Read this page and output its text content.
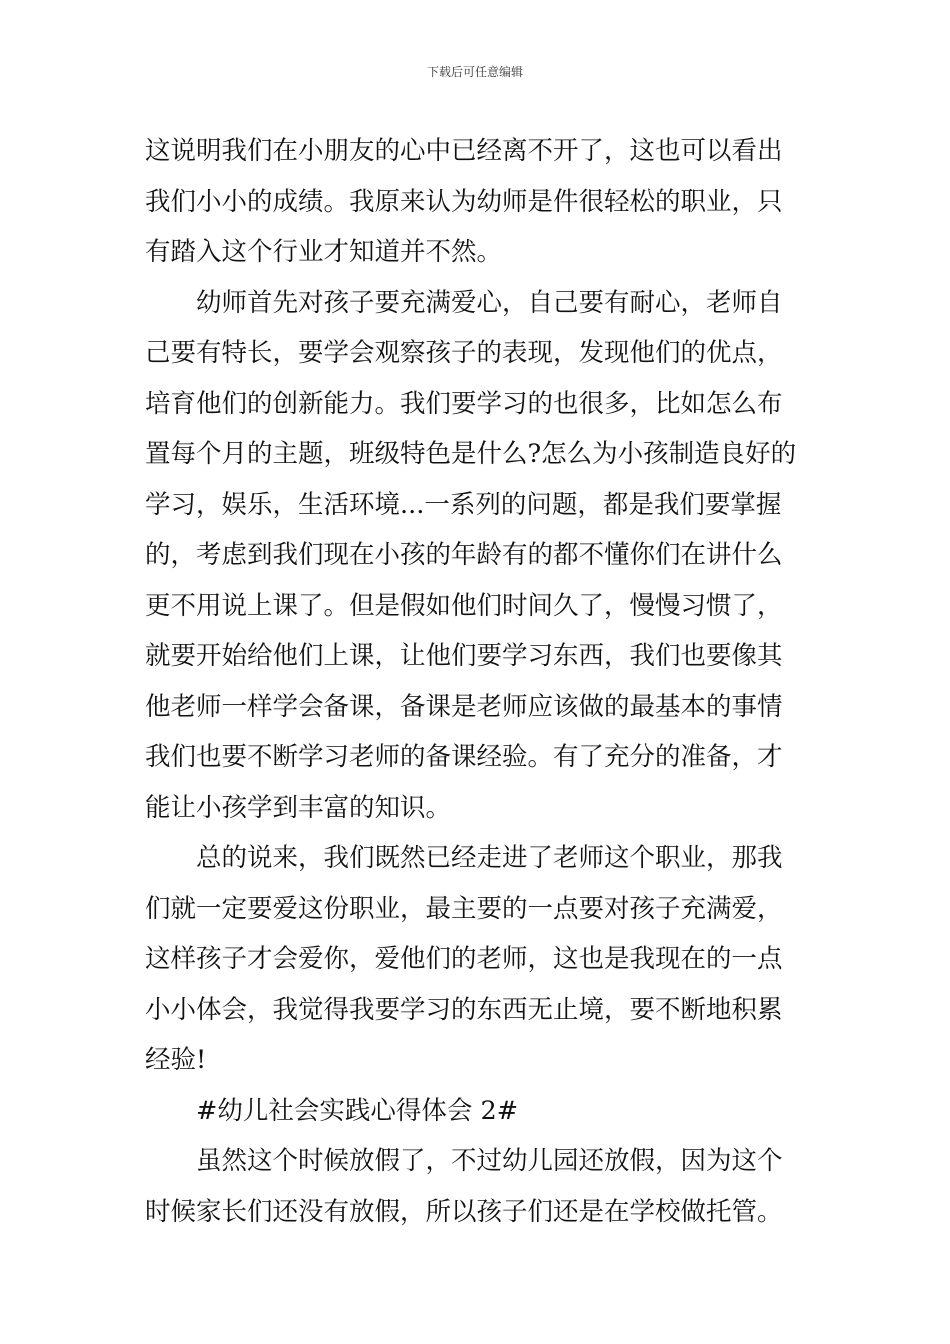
下载后可任意编辑
这说明我们在小朋友的心中已经离不开了，这也可以看出
我们小小的成绩。我原来认为幼师是件很轻松的职业，只
有踏入这个行业才知道并不然。
幼师首先对孩子要充满爱心，自己要有耐心，老师自
己要有特长，要学会观察孩子的表现，发现他们的优点，
培育他们的创新能力。我们要学习的也很多，比如怎么布
置每个月的主题，班级特色是什么?怎么为小孩制造良好的
学习，娱乐，生活环境...一系列的问题，都是我们要掌握
的，考虑到我们现在小孩的年龄有的都不懂你们在讲什么
更不用说上课了。但是假如他们时间久了，慢慢习惯了，
就要开始给他们上课，让他们要学习东西，我们也要像其
他老师一样学会备课，备课是老师应该做的最基本的事情
我们也要不断学习老师的备课经验。有了充分的准备，才
能让小孩学到丰富的知识。
总的说来，我们既然已经走进了老师这个职业，那我
们就一定要爱这份职业，最主要的一点要对孩子充满爱，
这样孩子才会爱你，爱他们的老师，这也是我现在的一点
小小体会，我觉得我要学习的东西无止境，要不断地积累
经验!
#幼儿社会实践心得体会 2#
虽然这个时候放假了，不过幼儿园还放假，因为这个
时候家长们还没有放假，所以孩子们还是在学校做托管。
